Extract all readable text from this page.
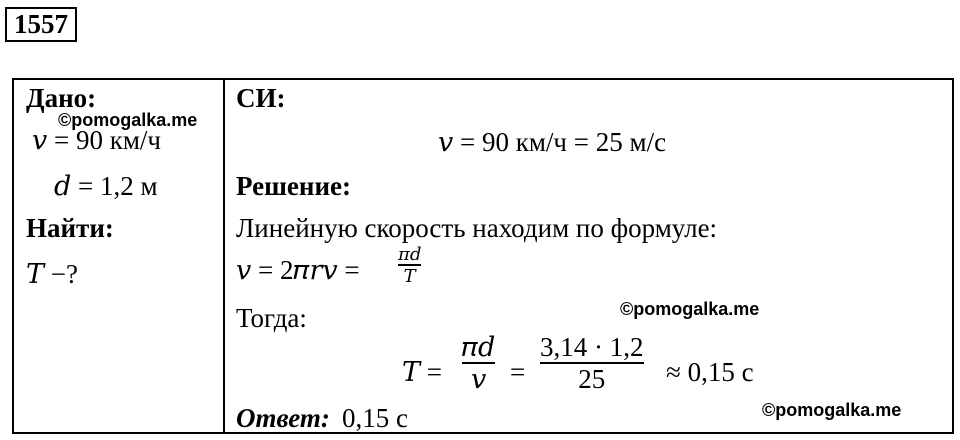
1557
Дано:
©pomogalka.me
𝑣 = 90 км/ч
𝑑 = 1,2 м
Найти:
𝑇 −?
СИ:
𝑣 = 90 км/ч = 25 м/с
Решение:
Линейную скорость находим по формуле:
𝑣 = 2𝜋𝑟𝑣 =
𝜋𝑑
𝑇
©pomogalka.me
Тогда:
𝑇 =
𝜋𝑑
𝑣 =
3,14 · 1,2
25 ≈ 0,15 с
Ответ: 0,15 с	©pomogalka.me
